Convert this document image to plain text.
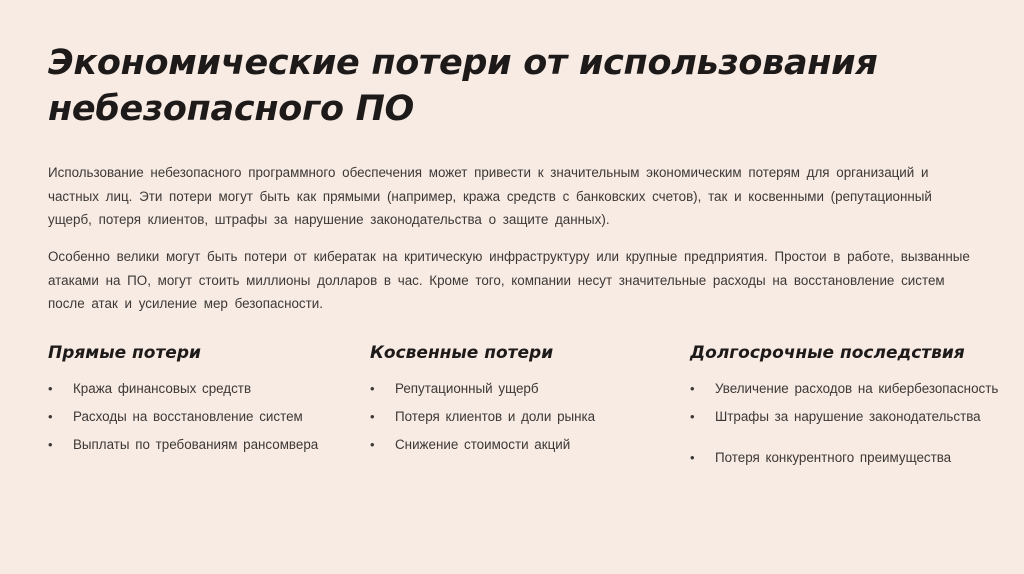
Экономические потери от использования небезопасного ПО

Использование небезопасного программного обеспечения может привести к значительным экономическим потерям для организаций и частных лиц. Эти потери могут быть как прямыми (например, кража средств с банковских счетов), так и косвенными (репутационный ущерб, потеря клиентов, штрафы за нарушение законодательства о защите данных).

Особенно велики могут быть потери от кибератак на критическую инфраструктуру или крупные предприятия. Простои в работе, вызванные атаками на ПО, могут стоить миллионы долларов в час. Кроме того, компании несут значительные расходы на восстановление систем после атак и усиление мер безопасности.

Прямые потери
• Кража финансовых средств
• Расходы на восстановление систем
• Выплаты по требованиям рансомвера
Косвенные потери
• Репутационный ущерб
• Потеря клиентов и доли рынка
• Снижение стоимости акций
Долгосрочные последствия
• Увеличение расходов на кибербезопасность
• Штрафы за нарушение законодательства
• Потеря конкурентного преимущества
